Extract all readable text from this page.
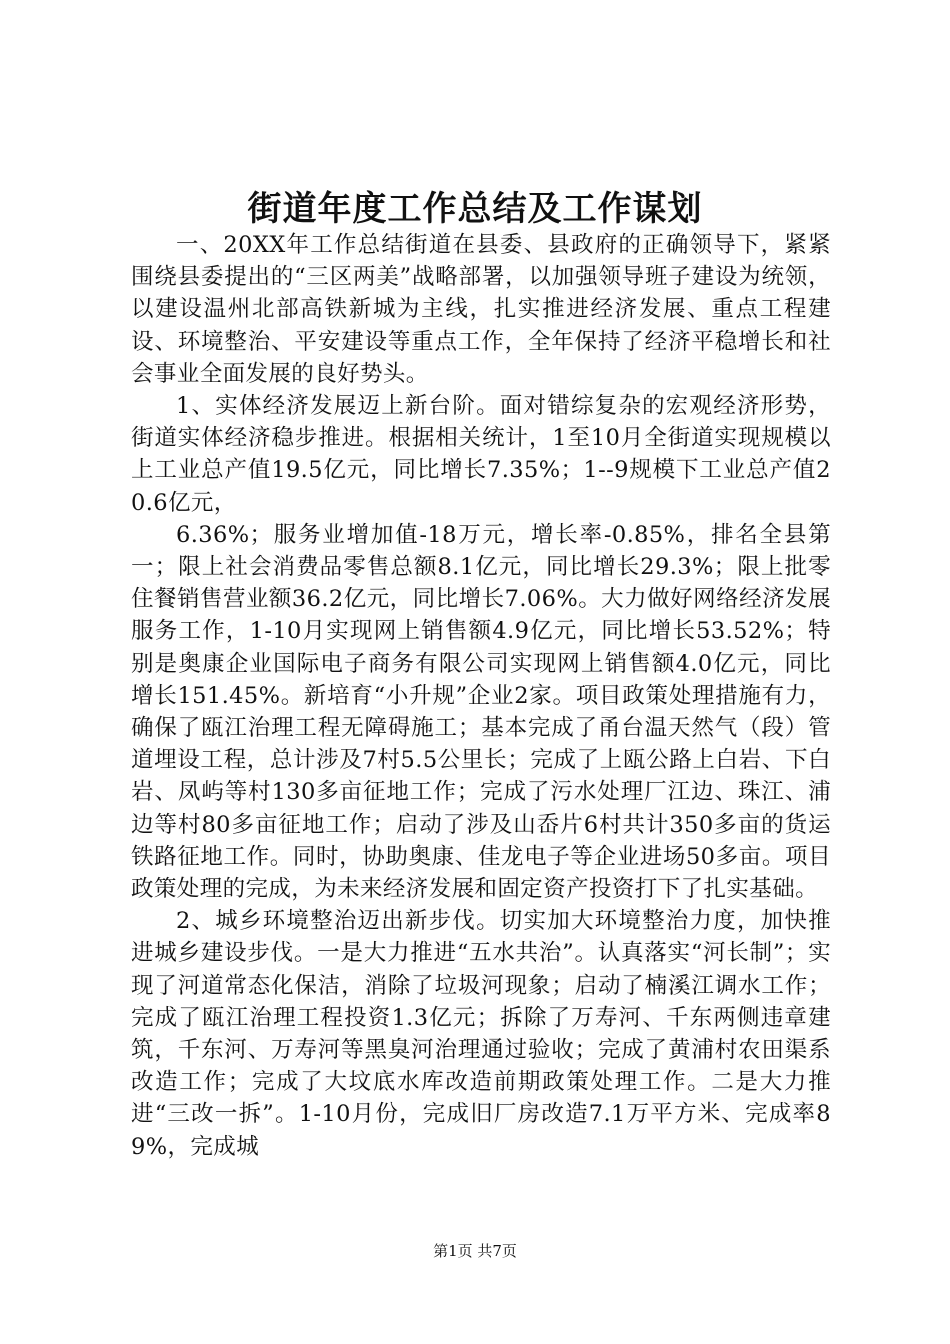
街道年度工作总结及工作谋划

一、20XX年工作总结街道在县委、县政府的正确领导下，紧紧围绕县委提出的“三区两美”战略部署，以加强领导班子建设为统领，以建设温州北部高铁新城为主线，扎实推进经济发展、重点工程建设、环境整治、平安建设等重点工作，全年保持了经济平稳增长和社会事业全面发展的良好势头。

1、实体经济发展迈上新台阶。面对错综复杂的宏观经济形势，街道实体经济稳步推进。根据相关统计，1至10月全街道实现规模以上工业总产值19.5亿元，同比增长7.35%；1--9规模下工业总产值20.6亿元，

6.36%；服务业增加值-18万元，增长率-0.85%，排名全县第一；限上社会消费品零售总额8.1亿元，同比增长29.3%；限上批零住餐销售营业额36.2亿元，同比增长7.06%。大力做好网络经济发展服务工作，1-10月实现网上销售额4.9亿元，同比增长53.52%；特别是奥康企业国际电子商务有限公司实现网上销售额4.0亿元，同比增长151.45%。新培育“小升规”企业2家。项目政策处理措施有力，确保了瓯江治理工程无障碍施工；基本完成了甬台温天然气（段）管道埋设工程，总计涉及7村5.5公里长；完成了上瓯公路上白岩、下白岩、凤屿等村130多亩征地工作；完成了污水处理厂江边、珠江、浦边等村80多亩征地工作；启动了涉及山岙片6村共计350多亩的货运铁路征地工作。同时，协助奥康、佳龙电子等企业进场50多亩。项目政策处理的完成，为未来经济发展和固定资产投资打下了扎实基础。

2、城乡环境整治迈出新步伐。切实加大环境整治力度，加快推进城乡建设步伐。一是大力推进“五水共治”。认真落实“河长制”；实现了河道常态化保洁，消除了垃圾河现象；启动了楠溪江调水工作；完成了瓯江治理工程投资1.3亿元；拆除了万寿河、千东两侧违章建筑，千东河、万寿河等黑臭河治理通过验收；完成了黄浦村农田渠系改造工作；完成了大坟底水库改造前期政策处理工作。二是大力推进“三改一拆”。1-10月份，完成旧厂房改造7.1万平方米、完成率89%，完成城

第1页 共7页
